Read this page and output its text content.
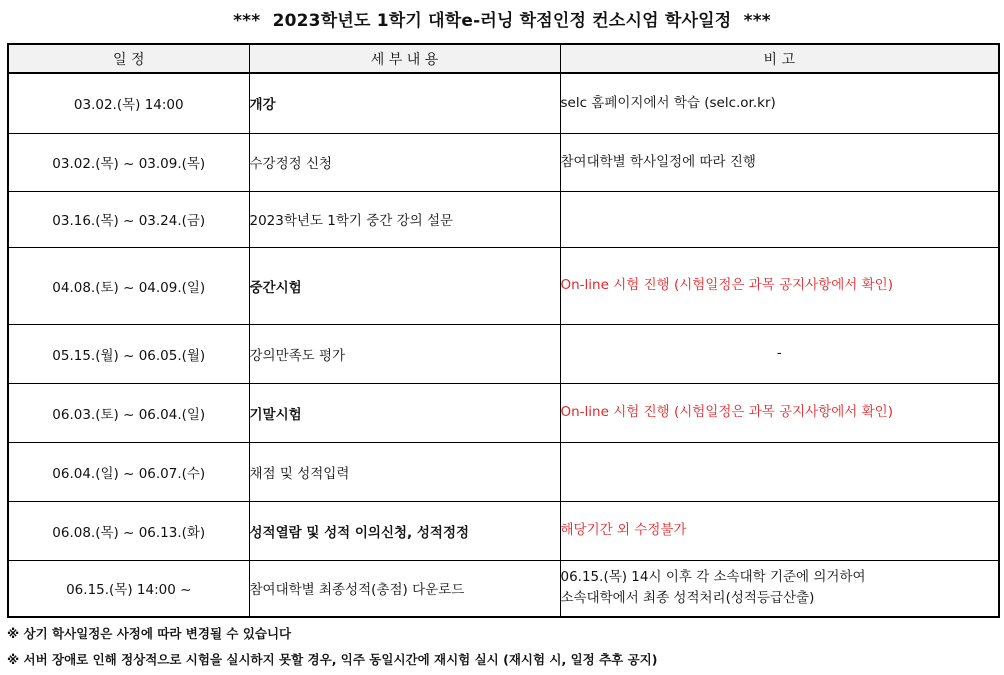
***  2023학년도 1학기 대학e-러닝 학점인정 컨소시엄 학사일정  ***
일 정	세 부 내 용	비 고
03.02.(목) 14:00	개강	selc 홈페이지에서 학습 (selc.or.kr)
03.02.(목) ~ 03.09.(목)	수강정정 신청	참여대학별 학사일정에 따라 진행
03.16.(목) ~ 03.24.(금)	2023학년도 1학기 중간 강의 설문	
04.08.(토) ~ 04.09.(일)	중간시험	On-line 시험 진행 (시험일정은 과목 공지사항에서 확인)
05.15.(월) ~ 06.05.(월)	강의만족도 평가	-
06.03.(토) ~ 06.04.(일)	기말시험	On-line 시험 진행 (시험일정은 과목 공지사항에서 확인)
06.04.(일) ~ 06.07.(수)	채점 및 성적입력	
06.08.(목) ~ 06.13.(화)	성적열람 및 성적 이의신청, 성적정정	해당기간 외 수정불가
06.15.(목) 14:00 ~	참여대학별 최종성적(총점) 다운로드	06.15.(목) 14시 이후 각 소속대학 기준에 의거하여
소속대학에서 최종 성적처리(성적등급산출)
※ 상기 학사일정은 사정에 따라 변경될 수 있습니다
※ 서버 장애로 인해 정상적으로 시험을 실시하지 못할 경우, 익주 동일시간에 재시험 실시 (재시험 시, 일정 추후 공지)
